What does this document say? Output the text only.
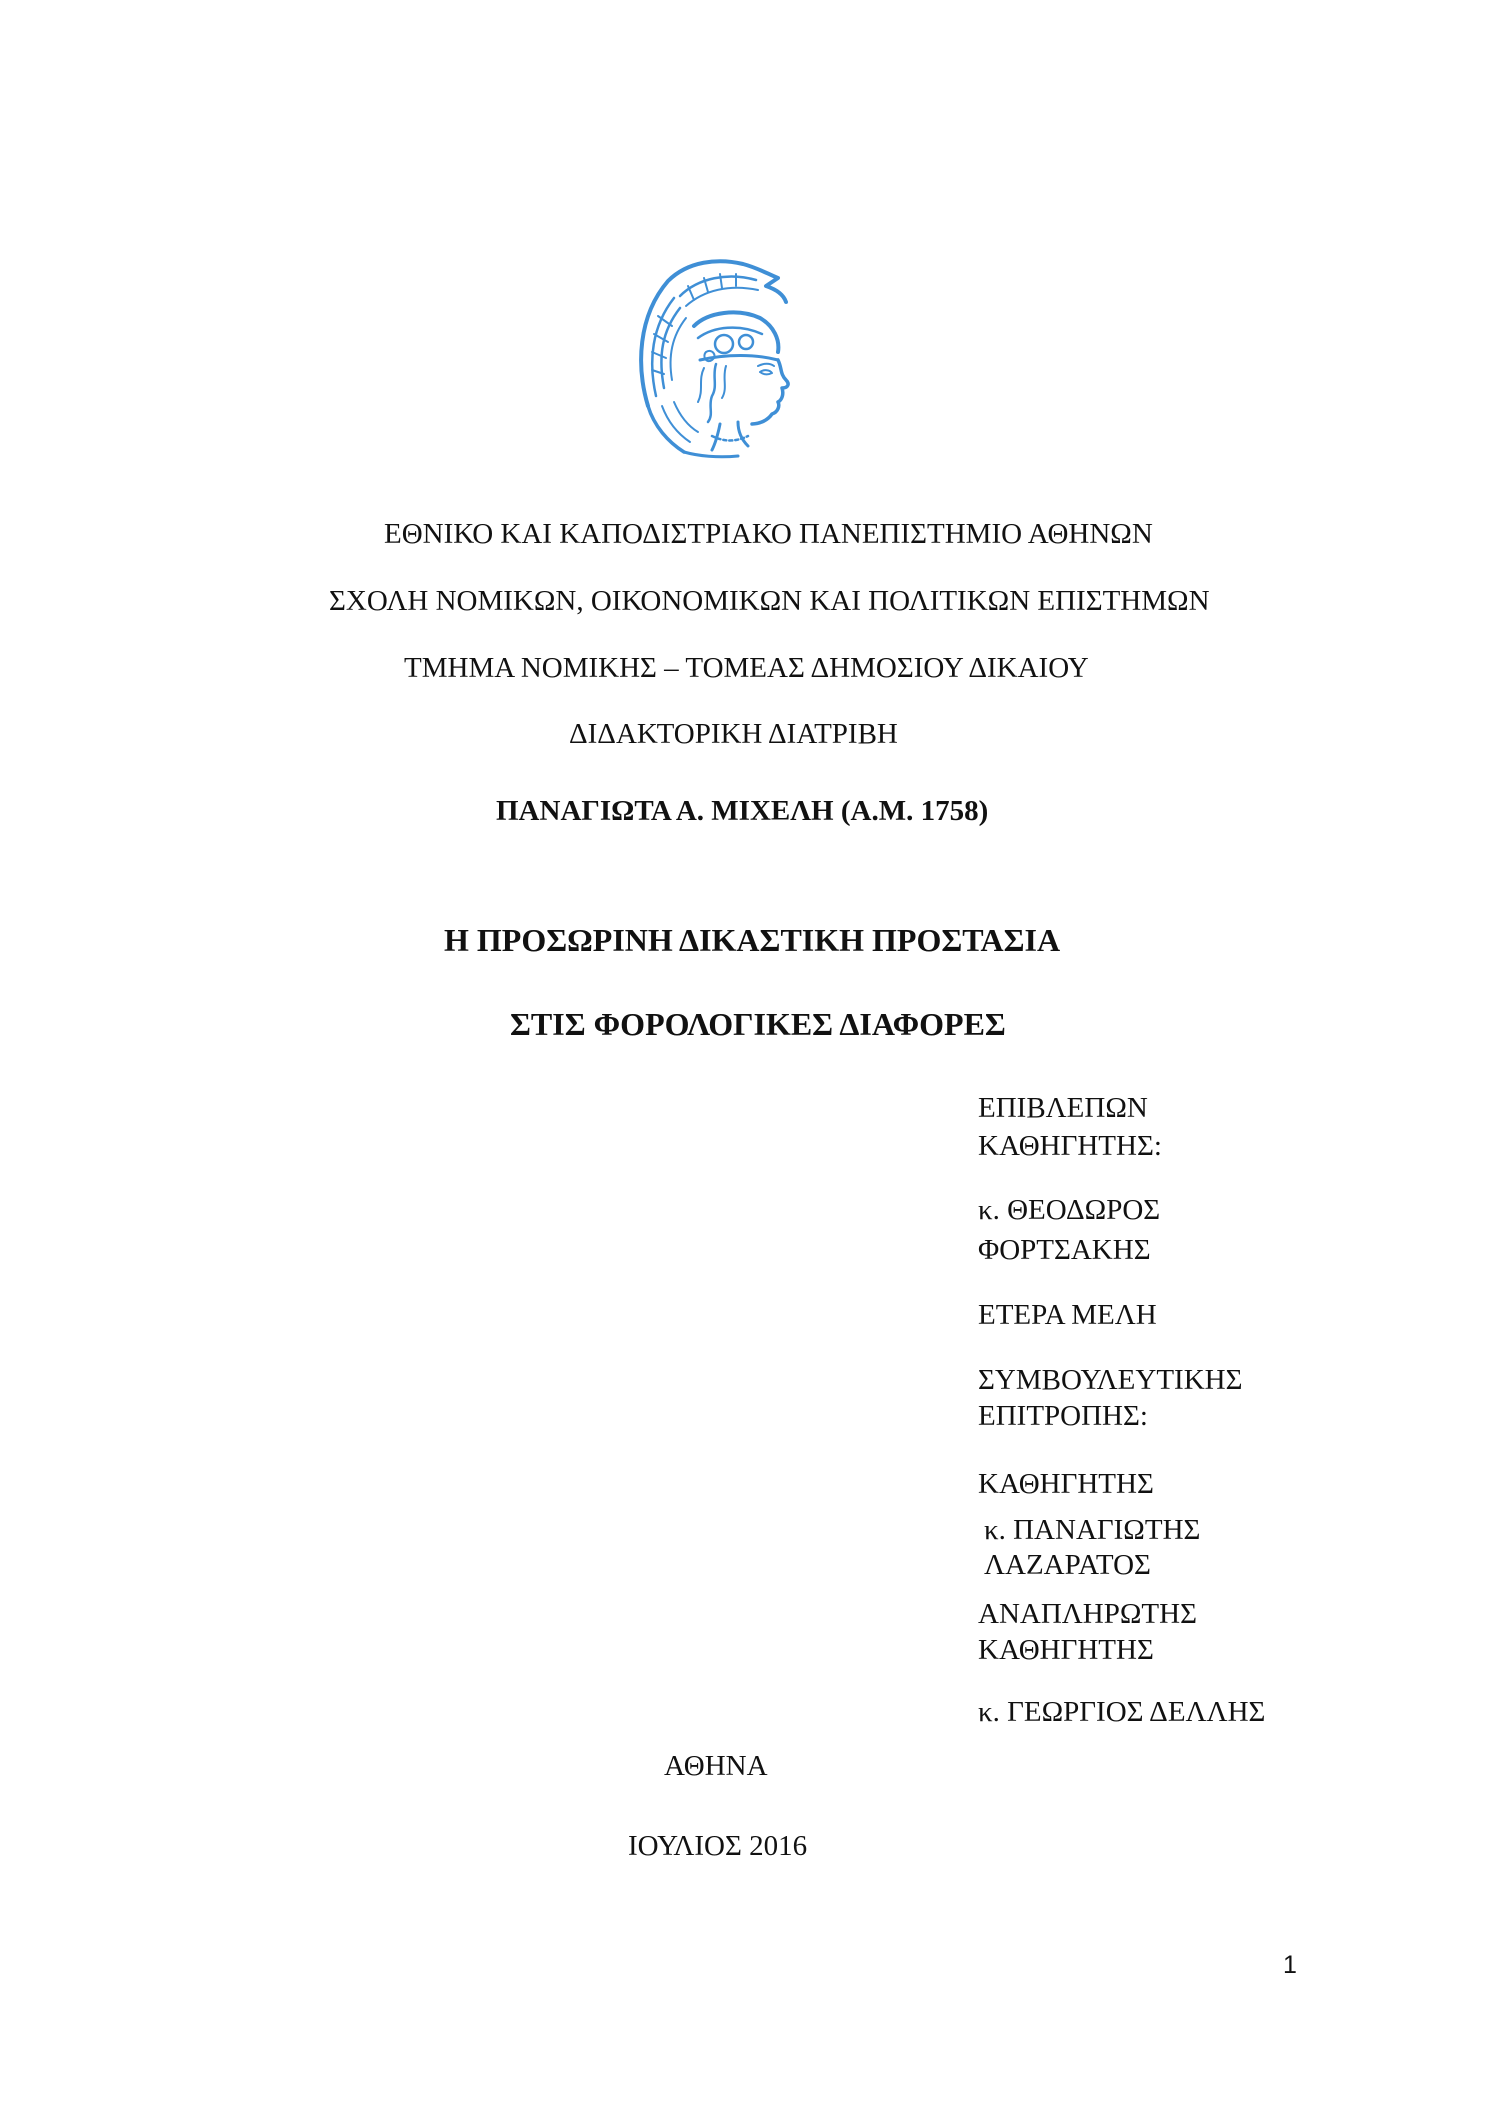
ΕΘΝΙΚΟ ΚΑΙ ΚΑΠΟΔΙΣΤΡΙΑΚΟ ΠΑΝΕΠΙΣΤΗΜΙΟ ΑΘΗΝΩΝ
ΣΧΟΛΗ ΝΟΜΙΚΩΝ, ΟΙΚΟΝΟΜΙΚΩΝ ΚΑΙ ΠΟΛΙΤΙΚΩΝ ΕΠΙΣΤΗΜΩΝ
ΤΜΗΜΑ ΝΟΜΙΚΗΣ – ΤΟΜΕΑΣ ΔΗΜΟΣΙΟΥ ΔΙΚΑΙΟΥ
ΔΙΔΑΚΤΟΡΙΚΗ ΔΙΑΤΡΙΒΗ
ΠΑΝΑΓΙΩΤΑ Α. ΜΙΧΕΛΗ (Α.Μ. 1758)
Η ΠΡΟΣΩΡΙΝΗ ΔΙΚΑΣΤΙΚΗ ΠΡΟΣΤΑΣΙΑ
ΣΤΙΣ ΦΟΡΟΛΟΓΙΚΕΣ ΔΙΑΦΟΡΕΣ
ΕΠΙΒΛΕΠΩΝ
ΚΑΘΗΓΗΤΗΣ:
κ. ΘΕΟΔΩΡΟΣ
ΦΟΡΤΣΑΚΗΣ
ΕΤΕΡΑ ΜΕΛΗ
ΣΥΜΒΟΥΛΕΥΤΙΚΗΣ
ΕΠΙΤΡΟΠΗΣ:
ΚΑΘΗΓΗΤΗΣ
κ. ΠΑΝΑΓΙΩΤΗΣ
ΛΑΖΑΡΑΤΟΣ
ΑΝΑΠΛΗΡΩΤΗΣ
ΚΑΘΗΓΗΤΗΣ
κ. ΓΕΩΡΓΙΟΣ ΔΕΛΛΗΣ
ΑΘΗΝΑ
ΙΟΥΛΙΟΣ 2016
1
